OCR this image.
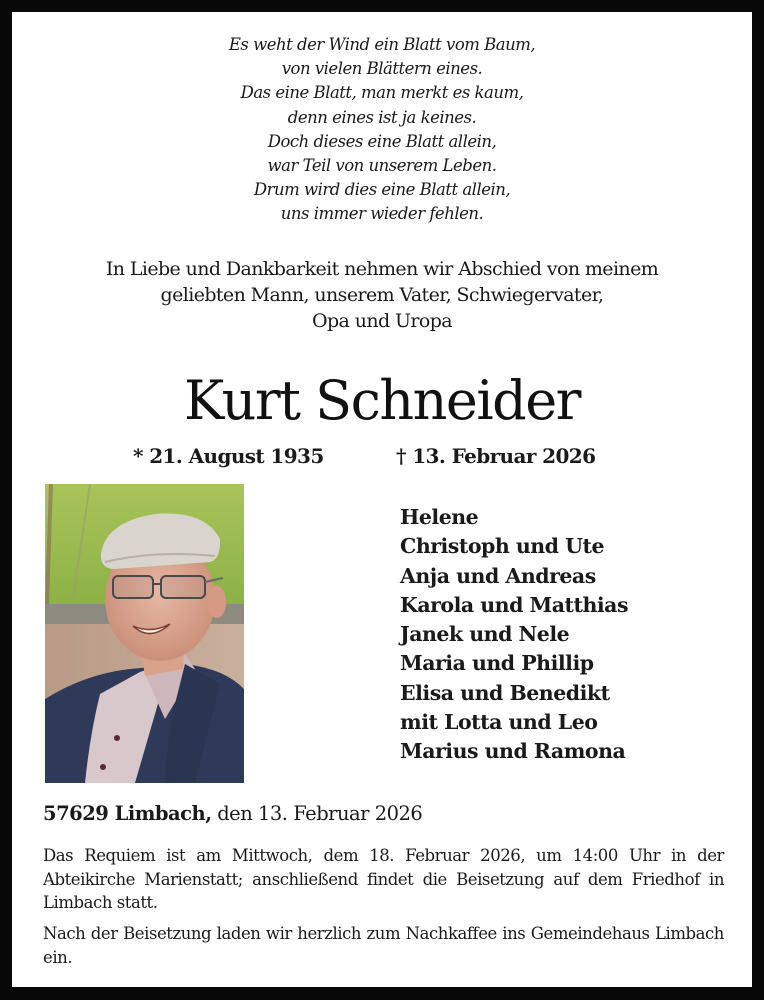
Es weht der Wind ein Blatt vom Baum,
von vielen Blättern eines.
Das eine Blatt, man merkt es kaum,
denn eines ist ja keines.
Doch dieses eine Blatt allein,
war Teil von unserem Leben.
Drum wird dies eine Blatt allein,
uns immer wieder fehlen.
In Liebe und Dankbarkeit nehmen wir Abschied von meinem
geliebten Mann, unserem Vater, Schwiegervater,
Opa und Uropa
Kurt Schneider
* 21. August 1935	† 13. Februar 2026
Helene
Christoph und Ute
Anja und Andreas
Karola und Matthias
Janek und Nele
Maria und Phillip
Elisa und Benedikt
mit Lotta und Leo
Marius und Ramona
57629 Limbach, den 13. Februar 2026
Das Requiem ist am Mittwoch, dem 18. Februar 2026, um 14:00 Uhr in der Abteikirche Marienstatt; anschließend findet die Beisetzung auf dem Friedhof in Limbach statt.
Nach der Beisetzung laden wir herzlich zum Nachkaffee ins Gemeindehaus Limbach ein.
